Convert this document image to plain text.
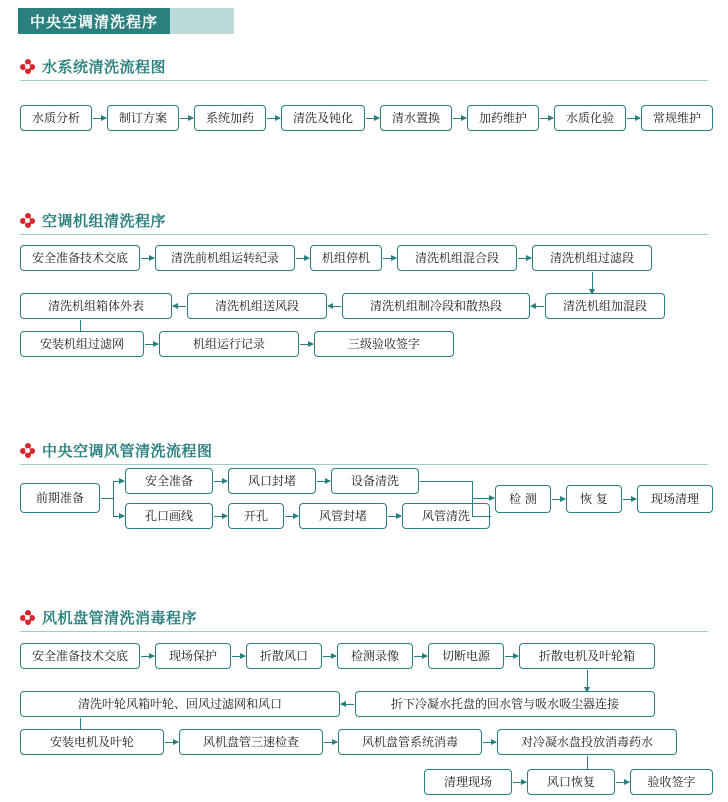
中央空调清洗程序
水系统清洗流程图
水质分析	制订方案	系统加药	清洗及钝化	清水置换	加药维护	水质化验	常规维护
空调机组清洗程序
安全准备技术交底	清洗前机组运转纪录	机组停机	清洗机组混合段	清洗机组过滤段
清洗机组箱体外表	清洗机组送风段	清洗机组制冷段和散热段	清洗机组加混段
安装机组过滤网	机组运行记录	三级验收签字
中央空调风管清洗流程图
前期准备
安全准备	风口封堵	设备清洗
孔口画线	开孔	风管封堵	风管清洗
检 测	恢 复	现场清理
风机盘管清洗消毒程序
安全准备技术交底	现场保护	折散风口	检测录像	切断电源	折散电机及叶轮箱
清洗叶轮风箱叶轮、回风过滤网和风口	折下冷凝水托盘的回水管与吸水吸尘器连接
安装电机及叶轮	风机盘管三速检查	风机盘管系统消毒	对冷凝水盘投放消毒药水
清理现场	风口恢复	验收签字
